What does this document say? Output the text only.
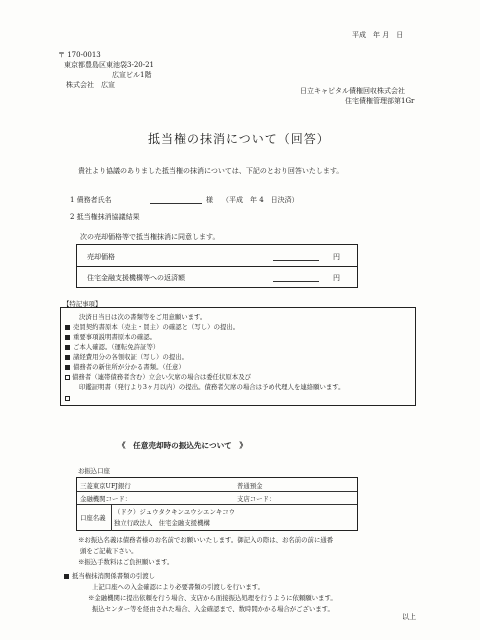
平成　年 月　日
〒 170-0013
東京都豊島区東池袋3-20-21
広宣ビル1階
株式会社　広宣
日立キャピタル債権回収株式会社
住宅債権管理部第1Gr
抵当権の抹消について（回答）
貴社より協議のありました抵当権の抹消については、下記のとおり回答いたします。
1 債務者氏名	様 （平成　年 4　日決済）
2 抵当権抹消協議結果
次の売却価格等で抵当権抹消に同意します。
売却価格	円
住宅金融支援機構等への返済額	円
【特記事項】
決済日当日は次の書類等をご用意願います。
売買契約書原本（売主・買主）の確認と（写し）の提出。
重要事項説明書原本の確認。
ご本人確認。（運転免許証等）
諸経費用分の各領収証（写し）の提出。
債務者の新住所が分かる書類。（任意）
債務者（連帯債務者含む）立会い欠席の場合は委任状原本及び
印鑑証明書（発行より3ヶ月以内）の提出。債務者欠席の場合は予め代理人を連絡願います。
《　任意売却時の振込先について　》
お振込口座
三菱東京UFJ銀行	普通預金
金融機関コード：	支店コード：
口座名義
（ドク）ジュウタクキンユウシエンキコウ
独立行政法人　住宅金融支援機構
※お振込名義は債務者様のお名前でお願いいたします。御記入の際は、お名前の前に通番
頭をご記載下さい。
※振込手数料はご負担願います。
抵当権抹消関係書類の引渡し
上記口座への入金確認により必要書類の引渡しを行います。
※金融機関に提出依頼を行う場合、支店から面接振込処理を行うように依頼願います。
振込センター等を経由された場合、入金確認まで、数時間かかる場合がございます。
以上
